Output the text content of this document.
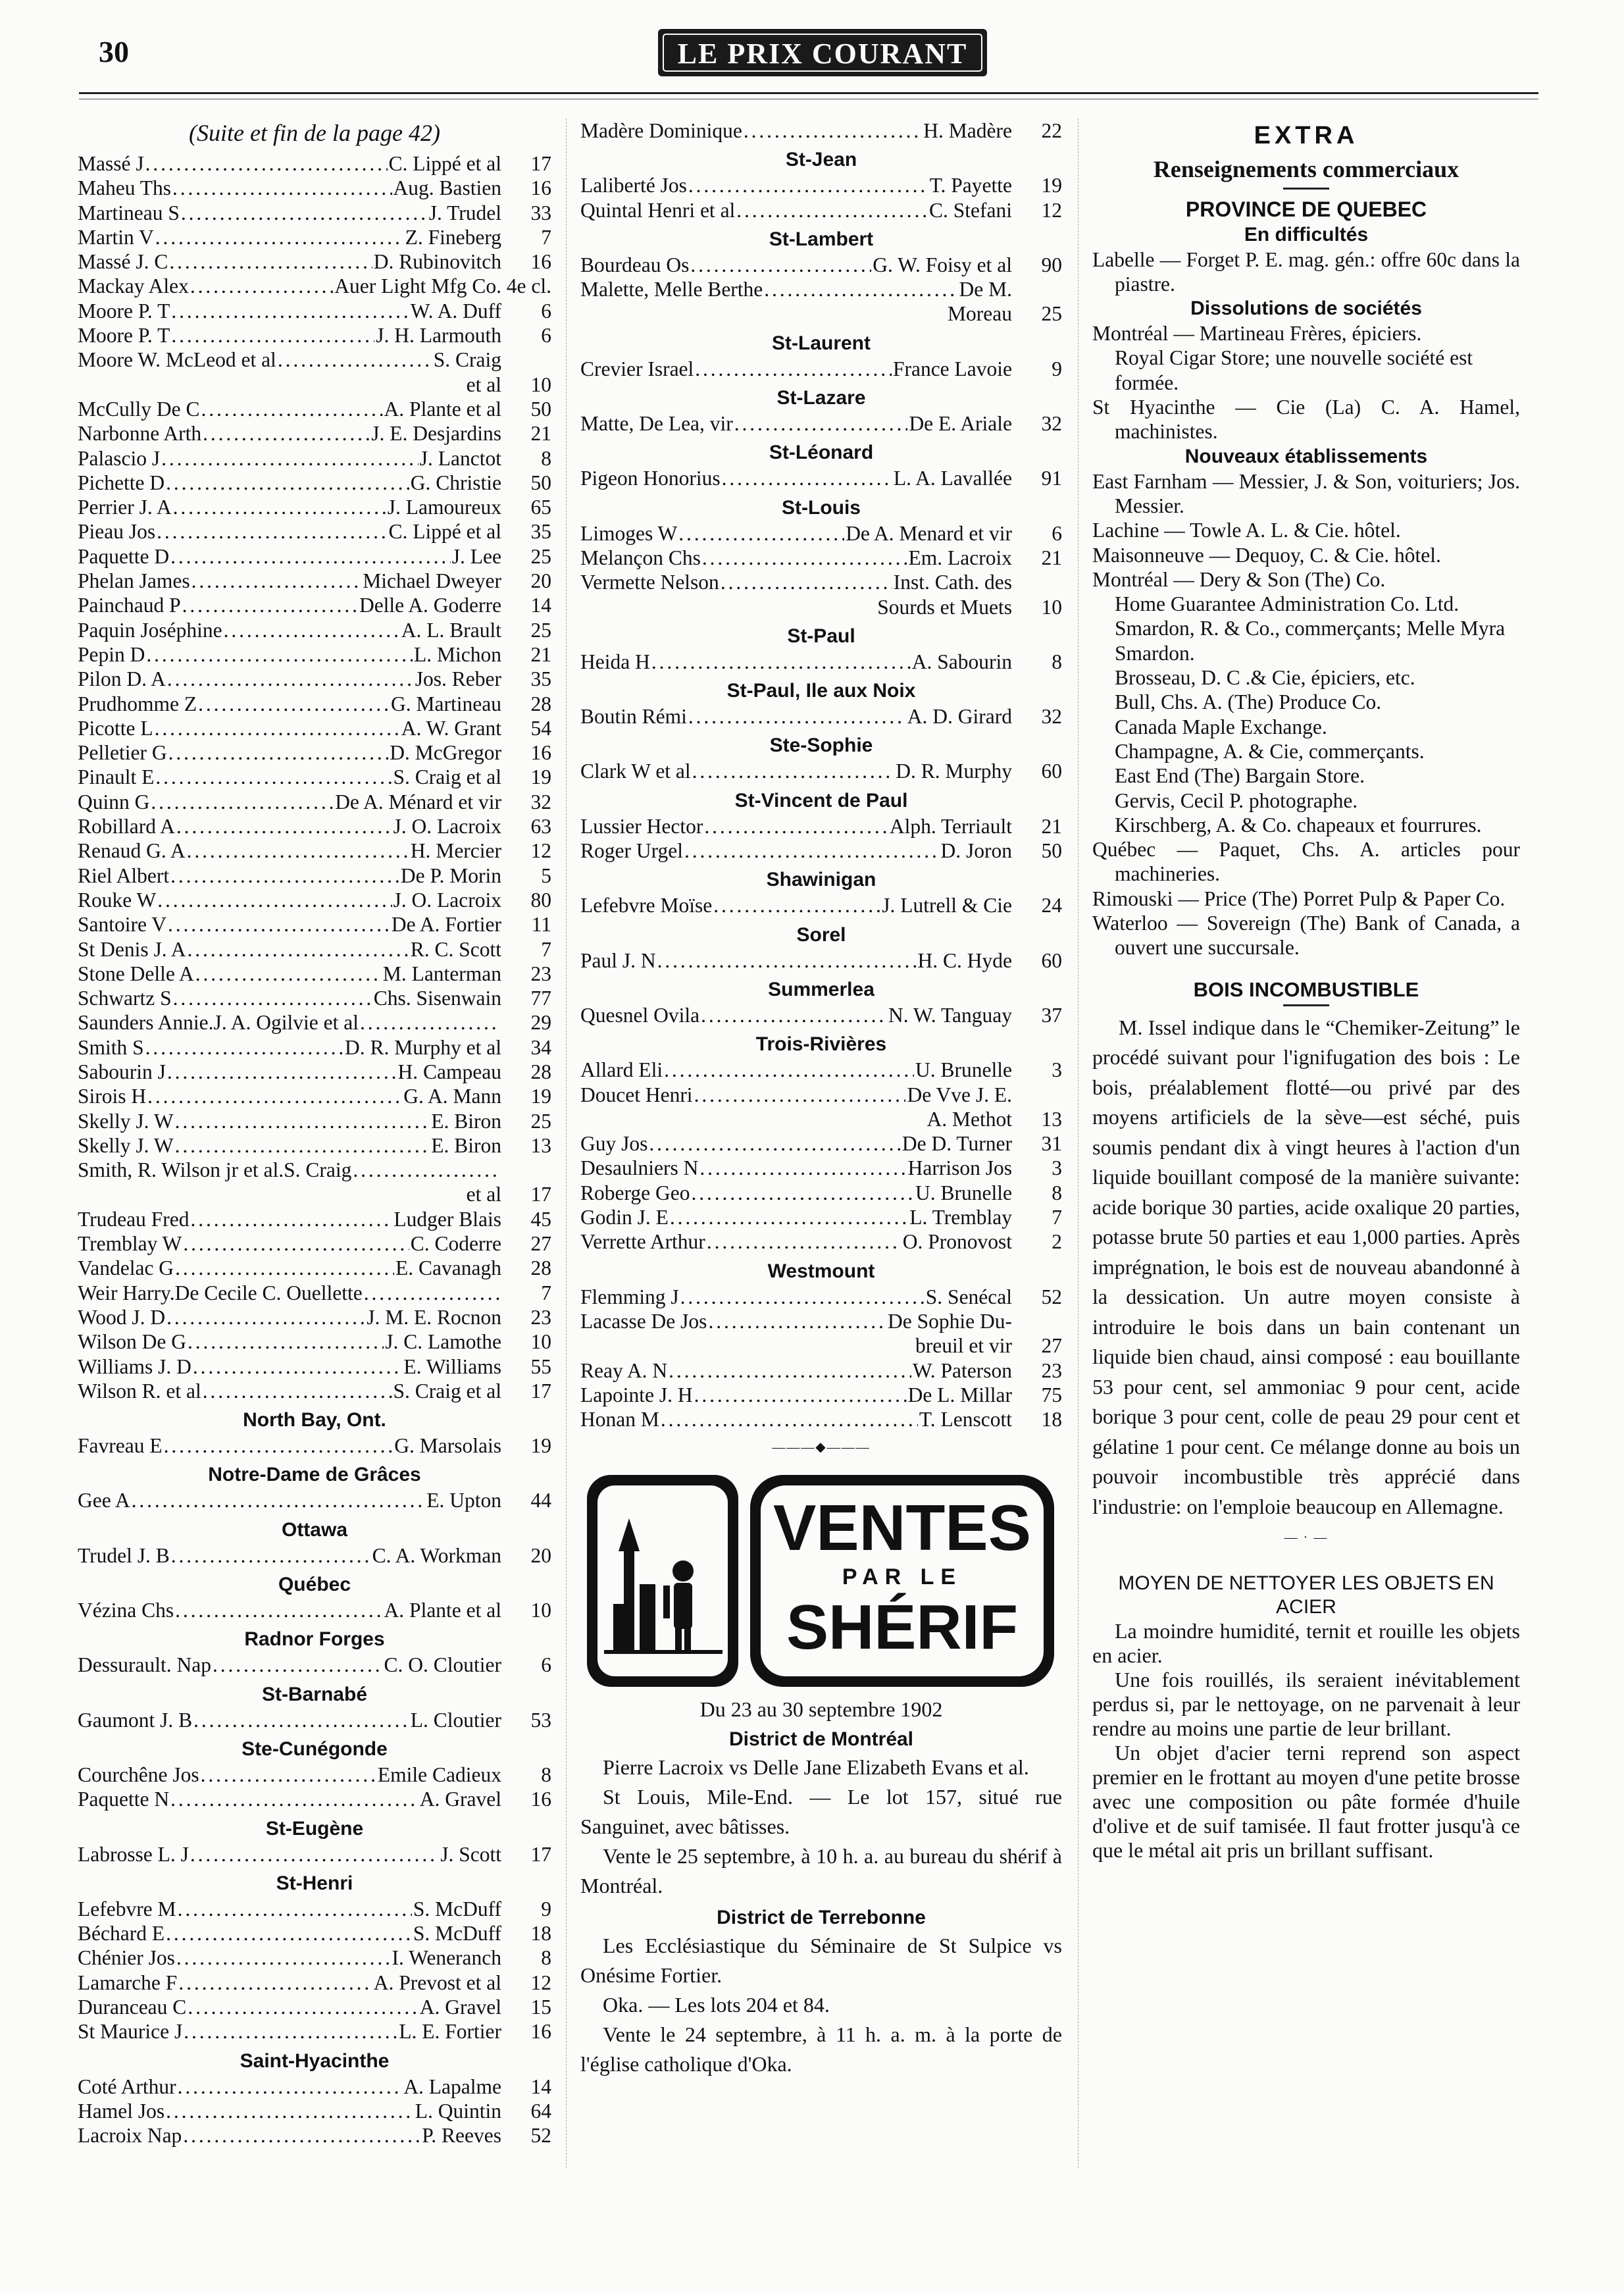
30	LE PRIX COURANT
(Suite et fin de la page 42)
Massé J . . .	C. Lippé et al	17
Maheu Ths . . .	Aug. Bastien	16
Martineau S . . .	J. Trudel	33
Martin V . . .	Z. Fineberg	7
Massé J. C . . .	D. Rubinovitch	16
Mackay Alex . . .	Auer Light Mfg Co. 4e cl.
Moore P. T . . .	W. A. Duff	6
Moore P. T . . .	J. H. Larmouth	6
Moore W. McLeod et al . . .	S. Craig
et al	10
McCully De C . . .	A. Plante et al	50
Narbonne Arth . . .	J. E. Desjardins	21
Palascio J . . .	J. Lanctot	8
Pichette D . . .	G. Christie	50
Perrier J. A . . .	J. Lamoureux	65
Pieau Jos . . .	C. Lippé et al	35
Paquette D . . .	J. Lee	25
Phelan James . . .	Michael Dweyer	20
Painchaud P . . .	Delle A. Goderre	14
Paquin Joséphine . . .	A. L. Brault	25
Pepin D . . .	L. Michon	21
Pilon D. A . . .	Jos. Reber	35
Prudhomme Z . . .	G. Martineau	28
Picotte L . . .	A. W. Grant	54
Pelletier G . . .	D. McGregor	16
Pinault E . . .	S. Craig et al	19
Quinn G . . .	De A. Ménard et vir	32
Robillard A . . .	J. O. Lacroix	63
Renaud G. A . . .	H. Mercier	12
Riel Albert . . .	De P. Morin	5
Rouke W . . .	J. O. Lacroix	80
Santoire V . . .	De A. Fortier	11
St Denis J. A . . .	R. C. Scott	7
Stone Delle A . . .	M. Lanterman	23
Schwartz S . . .	Chs. Sisenwain	77
Saunders Annie.J. A. Ogilvie et al . . .	29
Smith S . . .	D. R. Murphy et al	34
Sabourin J . . .	H. Campeau	28
Sirois H . . .	G. A. Mann	19
Skelly J. W . . .	E. Biron	25
Skelly J. W . . .	E. Biron	13
Smith, R. Wilson jr et al.S. Craig
. . .
et al	17
Trudeau Fred . . .	Ludger Blais	45
Tremblay W . . .	C. Coderre	27
Vandelac G . . .	E. Cavanagh	28
Weir Harry.De Cecile C. Ouellette . . .	7
Wood J. D . . .	J. M. E. Rocnon	23
Wilson De G . . .	J. C. Lamothe	10
Williams J. D . . .	E. Williams	55
Wilson R. et al . . .	S. Craig et al	17
North Bay, Ont.
Favreau E . . .	G. Marsolais	19
Notre-Dame de Grâces
Gee A . . .	E. Upton	44
Ottawa
Trudel J. B . . .	C. A. Workman	20
Québec
Vézina Chs . . .	A. Plante et al	10
Radnor Forges
Dessurault. Nap . . .	C. O. Cloutier	6
St-Barnabé
Gaumont J. B . . .	L. Cloutier	53
Ste-Cunégonde
Courchêne Jos . . .	Emile Cadieux	8
Paquette N . . .	A. Gravel	16
St-Eugène
Labrosse L. J . . .	J. Scott	17
St-Henri
Lefebvre M . . .	S. McDuff	9
Béchard E . . .	S. McDuff	18
Chénier Jos . . .	I. Weneranch	8
Lamarche F . . .	A. Prevost et al	12
Duranceau C . . .	A. Gravel	15
St Maurice J . . .	L. E. Fortier	16
Saint-Hyacinthe
Coté Arthur . . .	A. Lapalme	14
Hamel Jos . . .	L. Quintin	64
Lacroix Nap . . .	P. Reeves	52
Madère Dominique . . .	H. Madère	22
St-Jean
Laliberté Jos . . .	T. Payette	19
Quintal Henri et al . . .	C. Stefani	12
St-Lambert
Bourdeau Os . . .	G. W. Foisy et al	90
Malette, Melle Berthe . . .	De M.
Moreau	25
St-Laurent
Crevier Israel . . .	France Lavoie	9
St-Lazare
Matte, De Lea, vir . . .	De E. Ariale	32
St-Léonard
Pigeon Honorius . . .	L. A. Lavallée	91
St-Louis
Limoges W . . .	De A. Menard et vir	6
Melançon Chs . . .	Em. Lacroix	21
Vermette Nelson . . .	Inst. Cath. des
Sourds et Muets	10
St-Paul
Heida H . . .	A. Sabourin	8
St-Paul, Ile aux Noix
Boutin Rémi . . .	A. D. Girard	32
Ste-Sophie
Clark W et al . . .	D. R. Murphy	60
St-Vincent de Paul
Lussier Hector . . .	Alph. Terriault	21
Roger Urgel . . .	D. Joron	50
Shawinigan
Lefebvre Moïse . . .	J. Lutrell & Cie	24
Sorel
Paul J. N . . .	H. C. Hyde	60
Summerlea
Quesnel Ovila . . .	N. W. Tanguay	37
Trois-Rivières
Allard Eli . . .	U. Brunelle	3
Doucet Henri . . .	De Vve J. E.
A. Methot	13
Guy Jos . . .	De D. Turner	31
Desaulniers N . . .	Harrison Jos	3
Roberge Geo . . .	U. Brunelle	8
Godin J. E . . .	L. Tremblay	7
Verrette Arthur . . .	O. Pronovost	2
Westmount
Flemming J . . .	S. Senécal	52
Lacasse De Jos . . .	De Sophie Du-
breuil et vir	27
Reay A. N . . .	W. Paterson	23
Lapointe J. H . . .	De L. Millar	75
Honan M . . .	T. Lenscott	18
———◆———
VENTES
PAR LE
SHÉRIF
Du 23 au 30 septembre 1902
District de Montréal
Pierre Lacroix vs Delle Jane Elizabeth Evans et al.
St Louis, Mile-End. — Le lot 157, situé rue Sanguinet, avec bâtisses.
Vente le 25 septembre, à 10 h. a. au bureau du shérif à Montréal.
District de Terrebonne
Les Ecclésiastique du Séminaire de St Sulpice vs Onésime Fortier.
Oka. — Les lots 204 et 84.
Vente le 24 septembre, à 11 h. a. m. à la porte de l'église catholique d'Oka.
EXTRA
Renseignements commerciaux
PROVINCE DE QUEBEC
En difficultés
Labelle — Forget P. E. mag. gén.: offre 60c dans la piastre.
Dissolutions de sociétés
Montréal — Martineau Frères, épiciers.
Royal Cigar Store; une nouvelle société est formée.
St Hyacinthe — Cie (La) C. A. Hamel, machinistes.
Nouveaux établissements
East Farnham — Messier, J. & Son, voituriers; Jos. Messier.
Lachine — Towle A. L. & Cie. hôtel.
Maisonneuve — Dequoy, C. & Cie. hôtel.
Montréal — Dery & Son (The) Co.
Home Guarantee Administration Co. Ltd.
Smardon, R. & Co., commerçants; Melle Myra Smardon.
Brosseau, D. C .& Cie, épiciers, etc.
Bull, Chs. A. (The) Produce Co.
Canada Maple Exchange.
Champagne, A. & Cie, commerçants.
East End (The) Bargain Store.
Gervis, Cecil P. photographe.
Kirschberg, A. & Co. chapeaux et fourrures.
Québec — Paquet, Chs. A. articles pour machineries.
Rimouski — Price (The) Porret Pulp & Paper Co.
Waterloo — Sovereign (The) Bank of Canada, a ouvert une succursale.
BOIS INCOMBUSTIBLE
M. Issel indique dans le “Chemiker-Zeitung” le procédé suivant pour l'ignifugation des bois : Le bois, préalablement flotté—ou privé par des moyens artificiels de la sève—est séché, puis soumis pendant dix à vingt heures à l'action d'un liquide bouillant composé de la manière suivante: acide borique 30 parties, acide oxalique 20 parties, potasse brute 50 parties et eau 1,000 parties. Après imprégnation, le bois est de nouveau abandonné à la dessication. Un autre moyen consiste à introduire le bois dans un bain contenant un liquide bien chaud, ainsi composé : eau bouillante 53 pour cent, sel ammoniac 9 pour cent, acide borique 3 pour cent, colle de peau 29 pour cent et gélatine 1 pour cent. Ce mélange donne au bois un pouvoir incombustible très apprécié dans l'industrie: on l'emploie beaucoup en Allemagne.
— · —
MOYEN DE NETTOYER LES OBJETS EN ACIER
La moindre humidité, ternit et rouille les objets en acier.
Une fois rouillés, ils seraient inévitablement perdus si, par le nettoyage, on ne parvenait à leur rendre au moins une partie de leur brillant.
Un objet d'acier terni reprend son aspect premier en le frottant au moyen d'une petite brosse avec une composition ou pâte formée d'huile d'olive et de suif tamisée. Il faut frotter jusqu'à ce que le métal ait pris un brillant suffisant.
